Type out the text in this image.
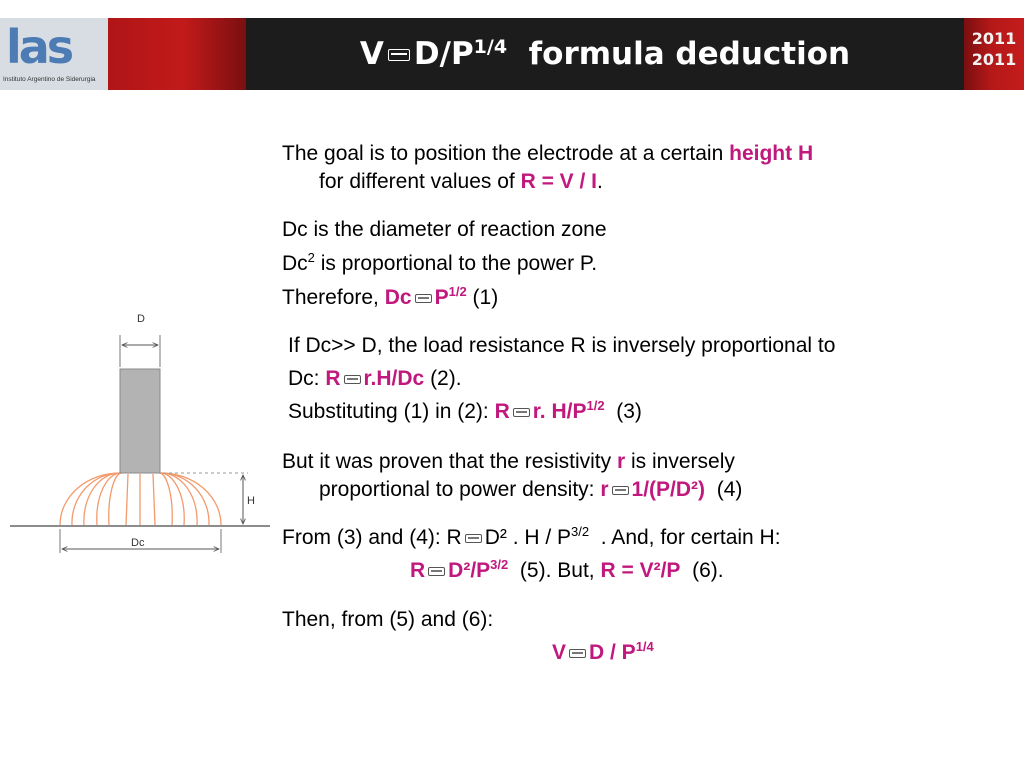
las
Instituto Argentino de Siderurgia
V $D/P^{1/4}$ formula deduction	2011
2011
D
H
Dc
The goal is to position the electrode at a certain height H
for different values of R = V / I.
Dc is the diameter of reaction zone
Dc$^2$ is proportional to the power P.
Therefore, Dc $P^{1/2}$ (1)
If Dc>> D, the load resistance R is inversely proportional to
Dc: R r.H/Dc (2).
Substituting (1) in (2): R r. $H/P^{1/2}$ (3)
But it was proven that the resistivity r is inversely
proportional to power density: r 1/(P/D²) (4)
From (3) and (4): R D² . H / $P^{3/2}$ . And, for certain H:
R $D^2/P^{3/2}$ (5). But, R = V²/P (6).
Then, from (5) and (6):
V D / $P^{1/4}$
